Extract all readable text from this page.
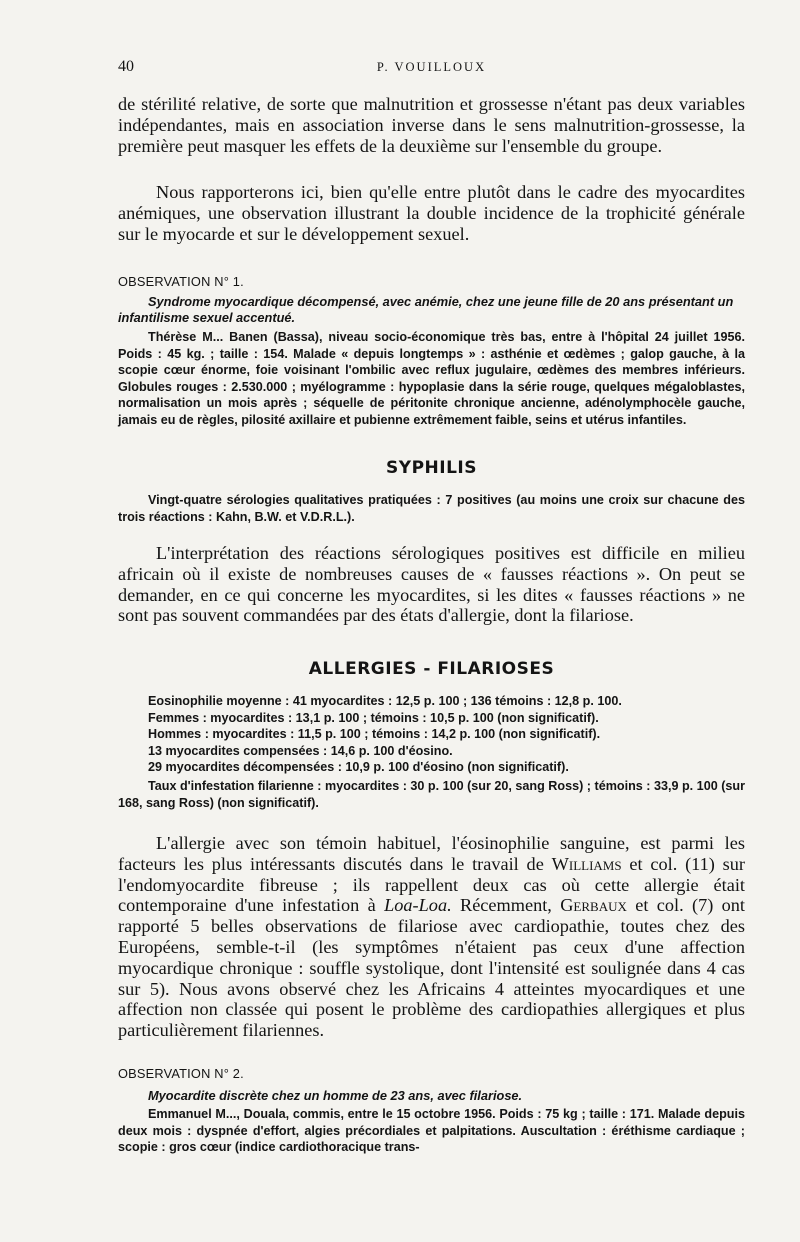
40	P. VOUILLOUX

de stérilité relative, de sorte que malnutrition et grossesse n'étant pas deux variables indépendantes, mais en association inverse dans le sens malnutrition-grossesse, la première peut masquer les effets de la deuxième sur l'ensemble du groupe.

Nous rapporterons ici, bien qu'elle entre plutôt dans le cadre des myocardites anémiques, une observation illustrant la double incidence de la trophicité générale sur le myocarde et sur le développement sexuel.

OBSERVATION N° 1.

Syndrome myocardique décompensé, avec anémie, chez une jeune fille de 20 ans présentant un infantilisme sexuel accentué.

Thérèse M... Banen (Bassa), niveau socio-économique très bas, entre à l'hôpital 24 juillet 1956. Poids : 45 kg. ; taille : 154. Malade « depuis longtemps » : asthénie et œdèmes ; galop gauche, à la scopie cœur énorme, foie voisinant l'ombilic avec reflux jugulaire, œdèmes des membres inférieurs. Globules rouges : 2.530.000 ; myélogramme : hypoplasie dans la série rouge, quelques mégaloblastes, normalisation un mois après ; séquelle de péritonite chronique ancienne, adénolymphocèle gauche, jamais eu de règles, pilosité axillaire et pubienne extrêmement faible, seins et utérus infantiles.

SYPHILIS

Vingt-quatre sérologies qualitatives pratiquées : 7 positives (au moins une croix sur chacune des trois réactions : Kahn, B.W. et V.D.R.L.).

L'interprétation des réactions sérologiques positives est difficile en milieu africain où il existe de nombreuses causes de « fausses réactions ». On peut se demander, en ce qui concerne les myocardites, si les dites « fausses réactions » ne sont pas souvent commandées par des états d'allergie, dont la filariose.

ALLERGIES - FILARIOSES

Eosinophilie moyenne : 41 myocardites : 12,5 p. 100 ; 136 témoins : 12,8 p. 100.

Femmes : myocardites : 13,1 p. 100 ; témoins : 10,5 p. 100 (non significatif).

Hommes : myocardites : 11,5 p. 100 ; témoins : 14,2 p. 100 (non significatif).

13 myocardites compensées : 14,6 p. 100 d'éosino.

29 myocardites décompensées : 10,9 p. 100 d'éosino (non significatif).

Taux d'infestation filarienne : myocardites : 30 p. 100 (sur 20, sang Ross) ; témoins : 33,9 p. 100 (sur 168, sang Ross) (non significatif).

L'allergie avec son témoin habituel, l'éosinophilie sanguine, est parmi les facteurs les plus intéressants discutés dans le travail de Williams et col. (11) sur l'endomyocardite fibreuse ; ils rappellent deux cas où cette allergie était contemporaine d'une infestation à Loa-Loa. Récemment, Gerbaux et col. (7) ont rapporté 5 belles observations de filariose avec cardiopathie, toutes chez des Européens, semble-t-il (les symptômes n'étaient pas ceux d'une affection myocardique chronique : souffle systolique, dont l'intensité est soulignée dans 4 cas sur 5). Nous avons observé chez les Africains 4 atteintes myocardiques et une affection non classée qui posent le problème des cardiopathies allergiques et plus particulièrement filariennes.

OBSERVATION N° 2.

Myocardite discrète chez un homme de 23 ans, avec filariose.

Emmanuel M..., Douala, commis, entre le 15 octobre 1956. Poids : 75 kg ; taille : 171. Malade depuis deux mois : dyspnée d'effort, algies précordiales et palpitations. Auscultation : éréthisme cardiaque ; scopie : gros cœur (indice cardiothoracique trans-
